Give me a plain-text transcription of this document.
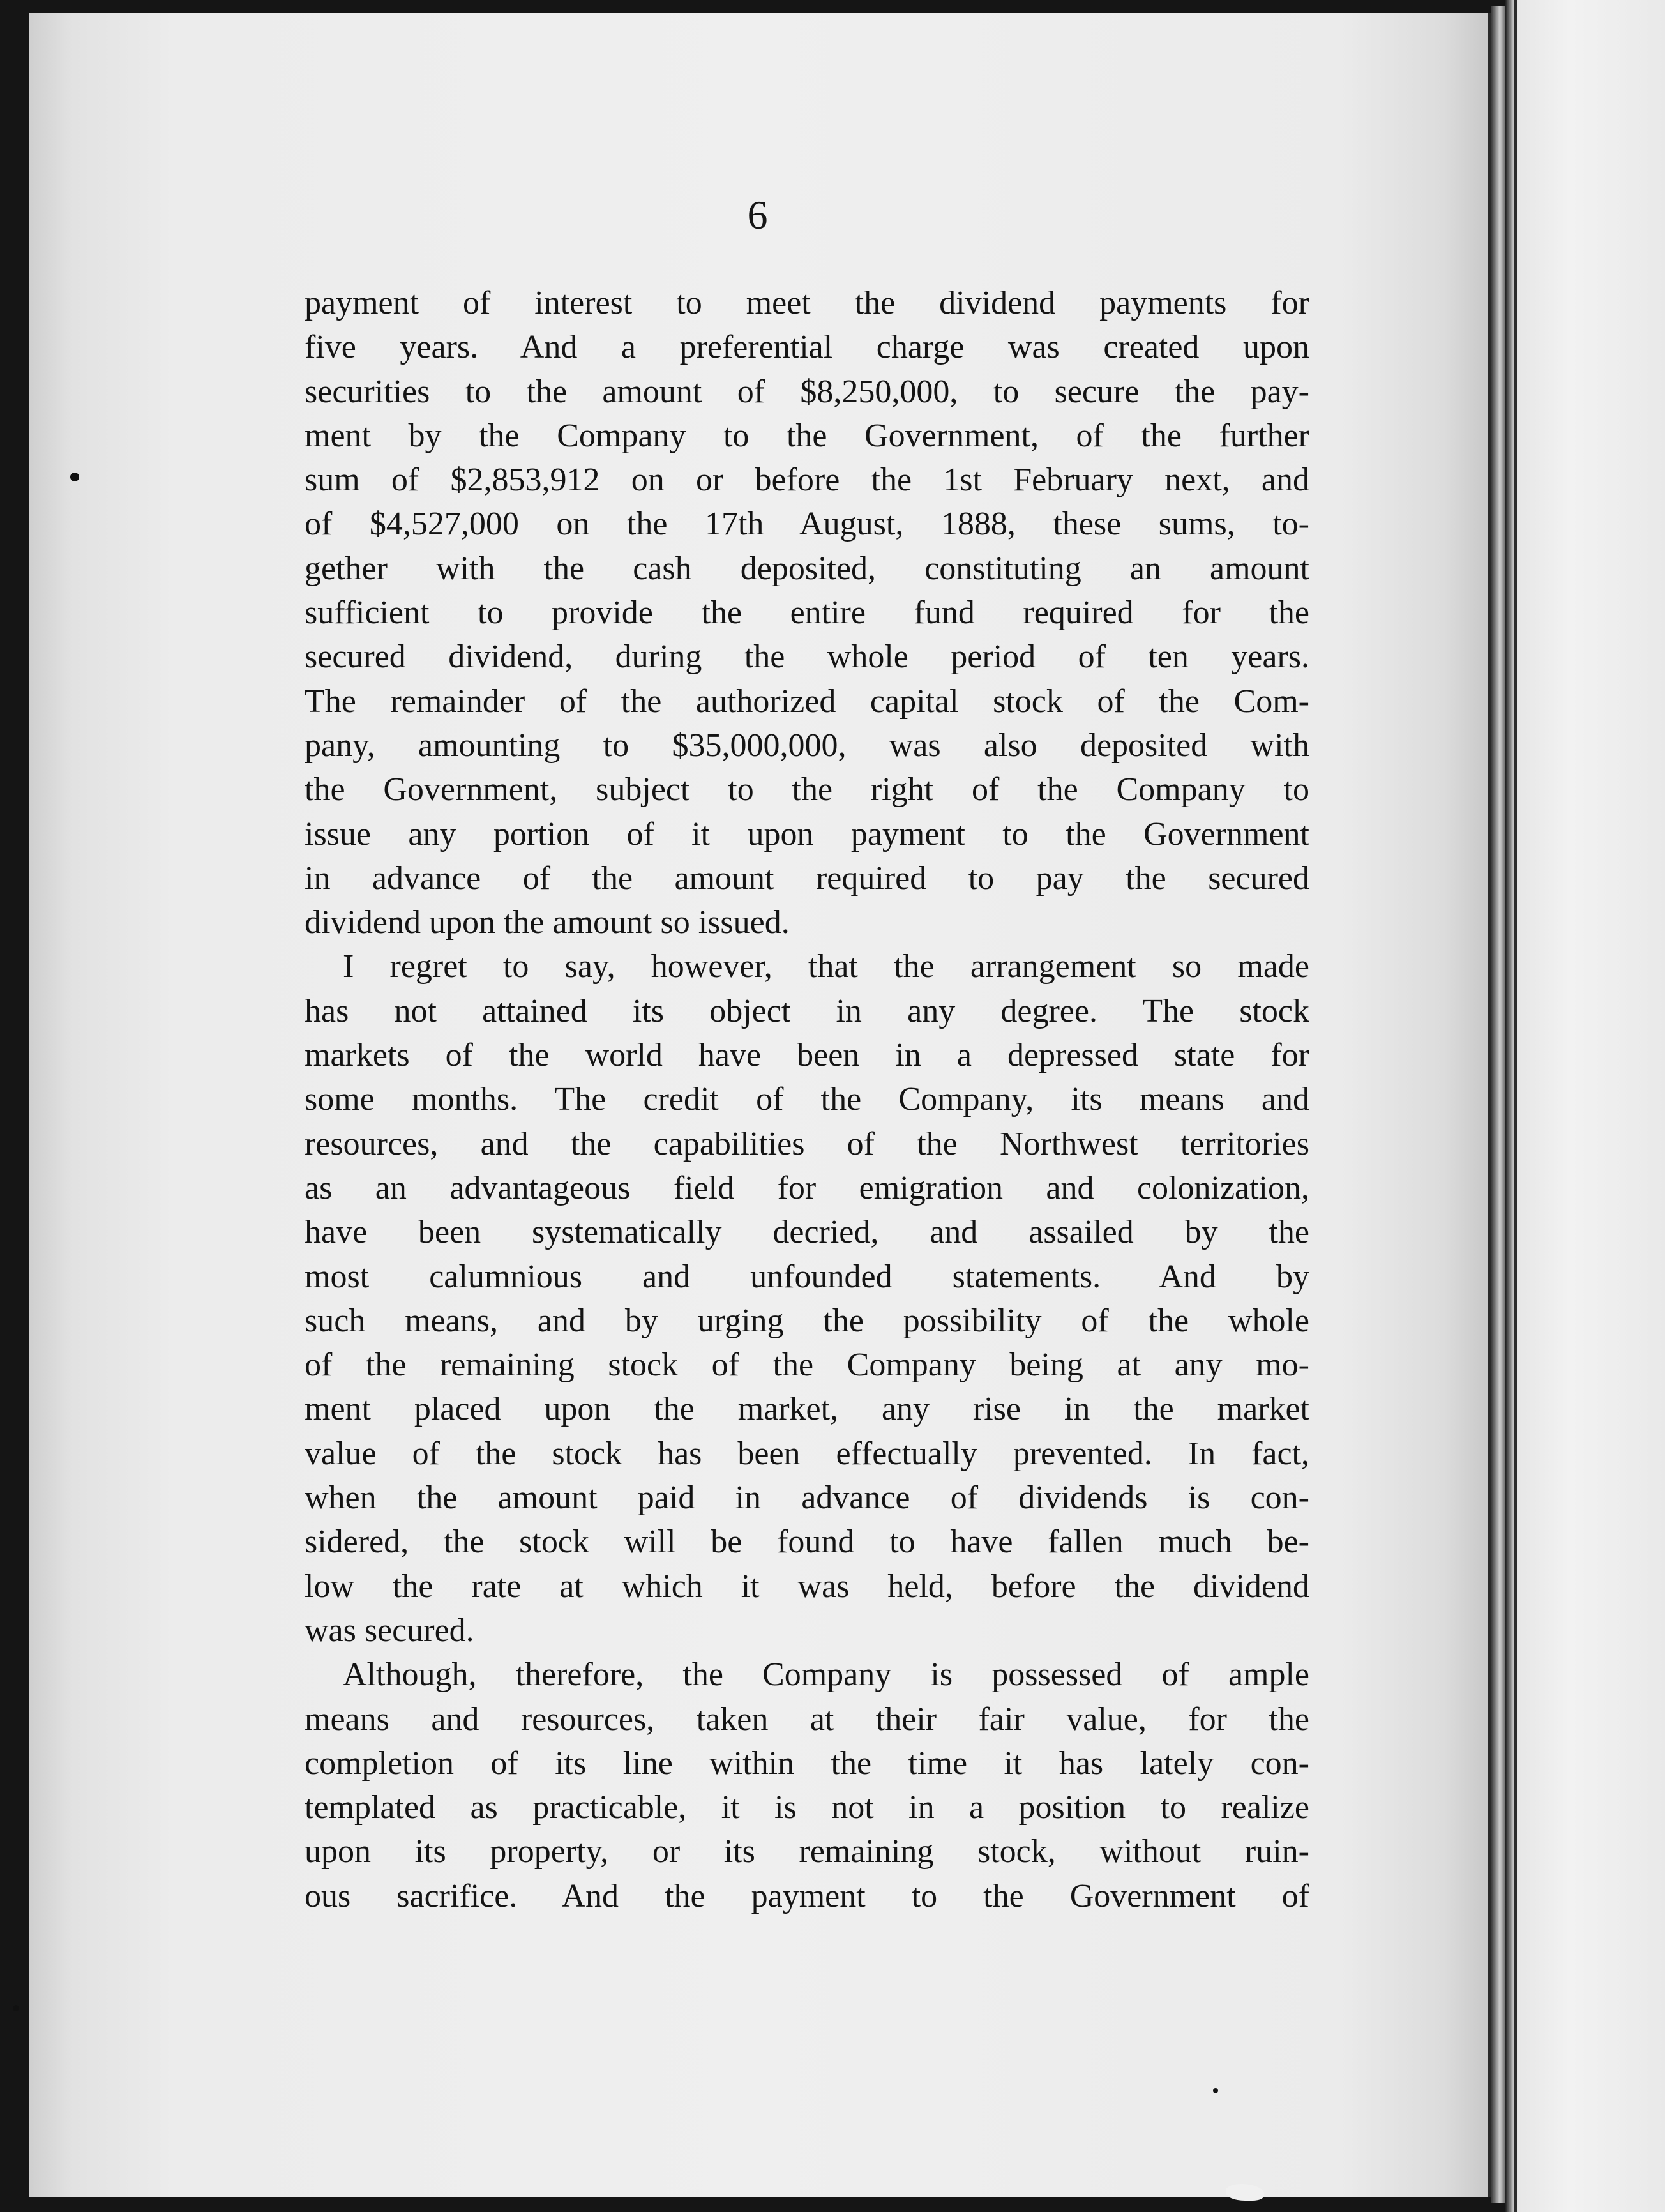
6
payment of interest to meet the dividend payments for
five years. And a preferential charge was created upon
securities to the amount of $8,250,000, to secure the pay-
ment by the Company to the Government, of the further
sum of $2,853,912 on or before the 1st February next, and
of $4,527,000 on the 17th August, 1888, these sums, to-
gether with the cash deposited, constituting an amount
sufficient to provide the entire fund required for the
secured dividend, during the whole period of ten years.
The remainder of the authorized capital stock of the Com-
pany, amounting to $35,000,000, was also deposited with
the Government, subject to the right of the Company to
issue any portion of it upon payment to the Government
in advance of the amount required to pay the secured
dividend upon the amount so issued.
I regret to say, however, that the arrangement so made
has not attained its object in any degree. The stock
markets of the world have been in a depressed state for
some months. The credit of the Company, its means and
resources, and the capabilities of the Northwest territories
as an advantageous field for emigration and colonization,
have been systematically decried, and assailed by the
most calumnious and unfounded statements. And by
such means, and by urging the possibility of the whole
of the remaining stock of the Company being at any mo-
ment placed upon the market, any rise in the market
value of the stock has been effectually prevented. In fact,
when the amount paid in advance of dividends is con-
sidered, the stock will be found to have fallen much be-
low the rate at which it was held, before the dividend
was secured.
Although, therefore, the Company is possessed of ample
means and resources, taken at their fair value, for the
completion of its line within the time it has lately con-
templated as practicable, it is not in a position to realize
upon its property, or its remaining stock, without ruin-
ous sacrifice. And the payment to the Government of
